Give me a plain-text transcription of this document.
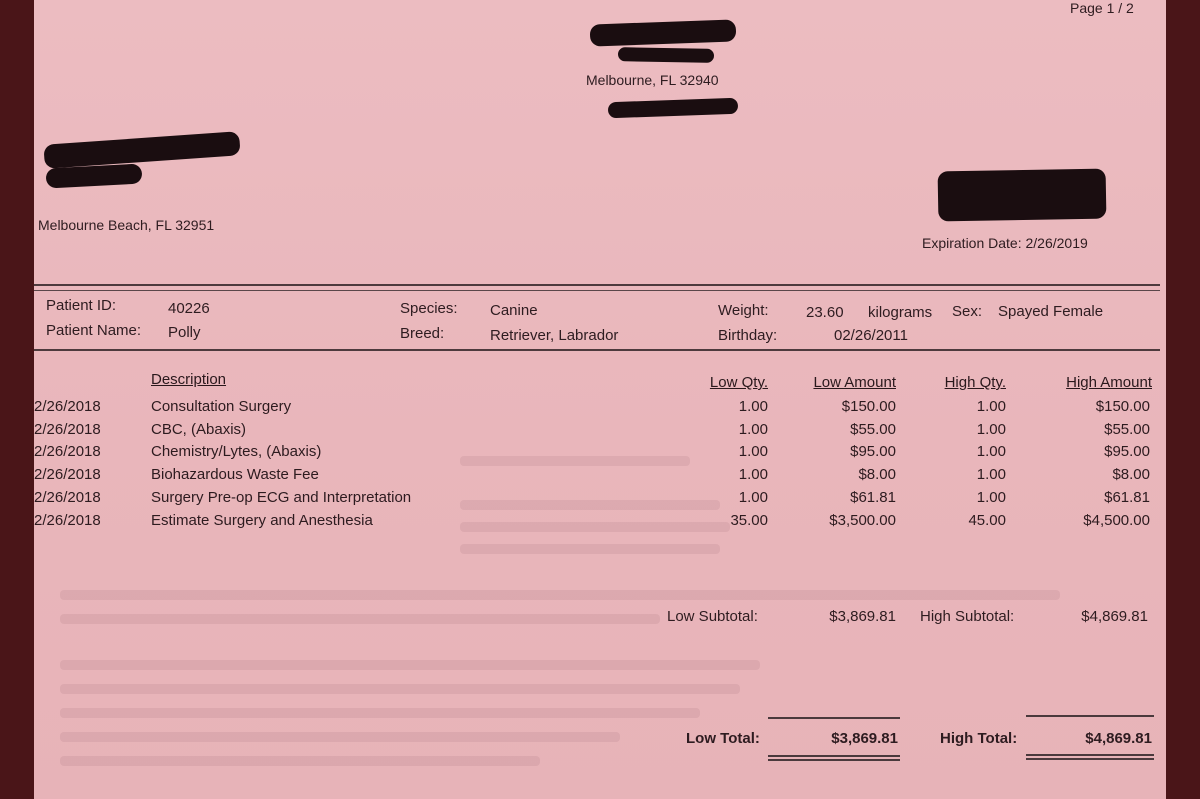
Page 1 / 2
Melbourne, FL 32940
Melbourne Beach, FL 32951
Expiration Date: 2/26/2019
Patient ID:	40226
Patient Name: Polly
Species: Canine
Breed:	Retriever, Labrador
Weight: 23.60 kilograms Sex: Spayed Female
Birthday:	02/26/2011
Description	Low Qty.	Low Amount	High Qty.	High Amount
2/26/2018	Consultation Surgery	1.00	$150.00	1.00	$150.00
2/26/2018	CBC, (Abaxis)	1.00	$55.00	1.00	$55.00
2/26/2018	Chemistry/Lytes, (Abaxis)	1.00	$95.00	1.00	$95.00
2/26/2018	Biohazardous Waste Fee	1.00	$8.00	1.00	$8.00
2/26/2018	Surgery Pre-op ECG and Interpretation	1.00	$61.81	1.00	$61.81
2/26/2018	Estimate Surgery and Anesthesia	35.00	$3,500.00	45.00	$4,500.00
Low Subtotal:	$3,869.81 High Subtotal:	$4,869.81
Low Total:	$3,869.81	High Total:	$4,869.81
